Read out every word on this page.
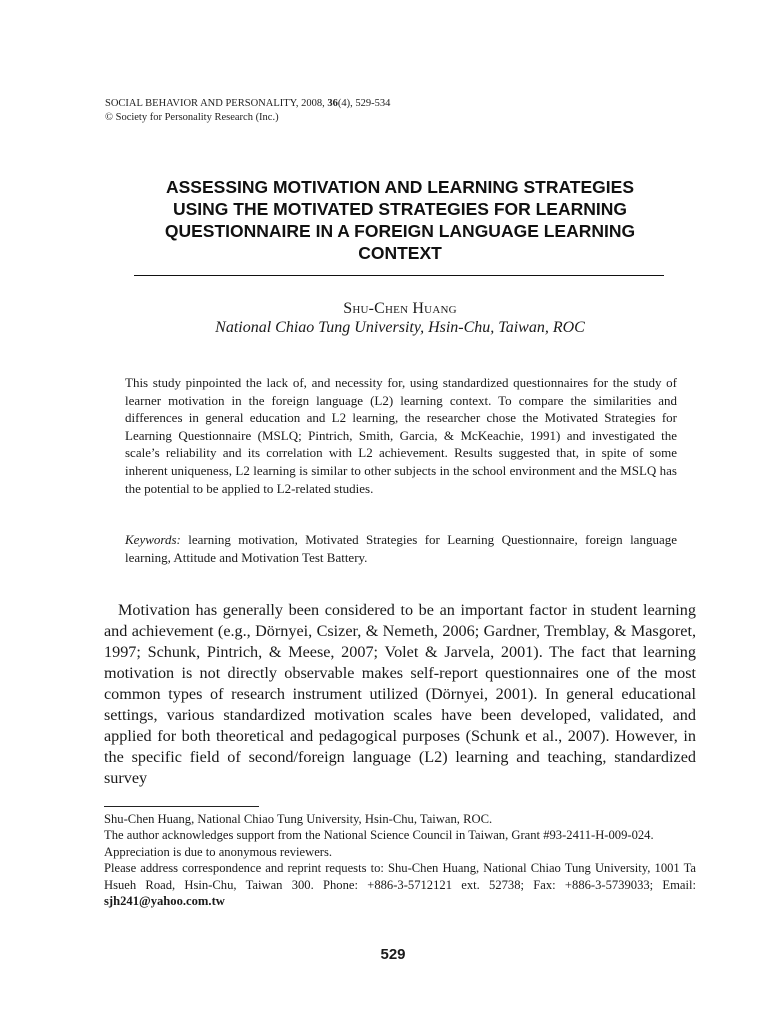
SOCIAL BEHAVIOR AND PERSONALITY, 2008, 36(4), 529-534
© Society for Personality Research (Inc.)
ASSESSING MOTIVATION AND LEARNING STRATEGIES
USING THE MOTIVATED STRATEGIES FOR LEARNING
QUESTIONNAIRE IN A FOREIGN LANGUAGE LEARNING
CONTEXT
Shu-Chen Huang
National Chiao Tung University, Hsin-Chu, Taiwan, ROC
This study pinpointed the lack of, and necessity for, using standardized questionnaires for the study of learner motivation in the foreign language (L2) learning context. To compare the similarities and differences in general education and L2 learning, the researcher chose the Motivated Strategies for Learning Questionnaire (MSLQ; Pintrich, Smith, Garcia, & McKeachie, 1991) and investigated the scale’s reliability and its correlation with L2 achievement. Results suggested that, in spite of some inherent uniqueness, L2 learning is similar to other subjects in the school environment and the MSLQ has the potential to be applied to L2-related studies.
Keywords: learning motivation, Motivated Strategies for Learning Questionnaire, foreign language learning, Attitude and Motivation Test Battery.
Motivation has generally been considered to be an important factor in student learning and achievement (e.g., Dörnyei, Csizer, & Nemeth, 2006; Gardner, Tremblay, & Masgoret, 1997; Schunk, Pintrich, & Meese, 2007; Volet & Jarvela, 2001). The fact that learning motivation is not directly observable makes self-report questionnaires one of the most common types of research instrument utilized (Dörnyei, 2001). In general educational settings, various standardized motivation scales have been developed, validated, and applied for both theoretical and pedagogical purposes (Schunk et al., 2007). However, in the specific field of second/foreign language (L2) learning and teaching, standardized survey

Shu-Chen Huang, National Chiao Tung University, Hsin-Chu, Taiwan, ROC.

The author acknowledges support from the National Science Council in Taiwan, Grant #93-2411-H-009-024.

Appreciation is due to anonymous reviewers.

Please address correspondence and reprint requests to: Shu-Chen Huang, National Chiao Tung University, 1001 Ta Hsueh Road, Hsin-Chu, Taiwan 300. Phone: +886-3-5712121 ext. 52738; Fax: +886-3-5739033; Email: sjh241@yahoo.com.tw

529
